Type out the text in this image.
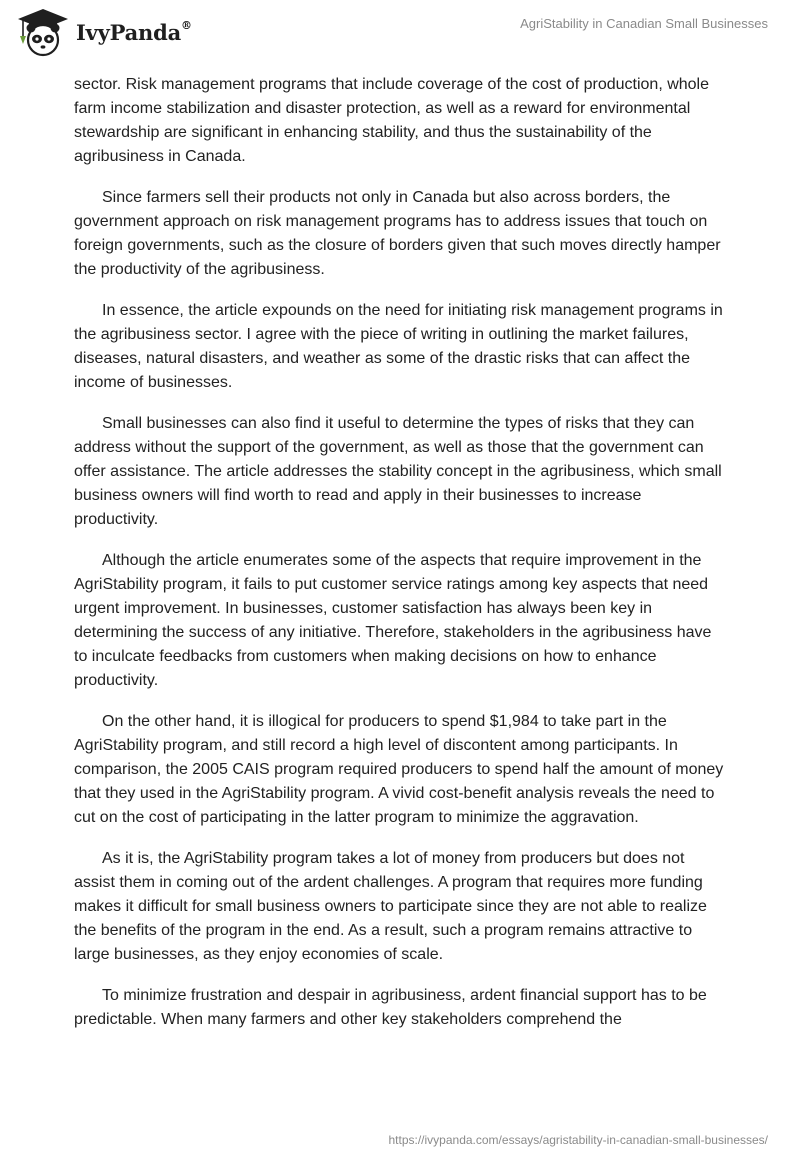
IvyPanda®	AgriStability in Canadian Small Businesses

sector. Risk management programs that include coverage of the cost of production, whole farm income stabilization and disaster protection, as well as a reward for environmental stewardship are significant in enhancing stability, and thus the sustainability of the agribusiness in Canada.

Since farmers sell their products not only in Canada but also across borders, the government approach on risk management programs has to address issues that touch on foreign governments, such as the closure of borders given that such moves directly hamper the productivity of the agribusiness.

In essence, the article expounds on the need for initiating risk management programs in the agribusiness sector. I agree with the piece of writing in outlining the market failures, diseases, natural disasters, and weather as some of the drastic risks that can affect the income of businesses.

Small businesses can also find it useful to determine the types of risks that they can address without the support of the government, as well as those that the government can offer assistance. The article addresses the stability concept in the agribusiness, which small business owners will find worth to read and apply in their businesses to increase productivity.

Although the article enumerates some of the aspects that require improvement in the AgriStability program, it fails to put customer service ratings among key aspects that need urgent improvement. In businesses, customer satisfaction has always been key in determining the success of any initiative. Therefore, stakeholders in the agribusiness have to inculcate feedbacks from customers when making decisions on how to enhance productivity.

On the other hand, it is illogical for producers to spend $1,984 to take part in the AgriStability program, and still record a high level of discontent among participants. In comparison, the 2005 CAIS program required producers to spend half the amount of money that they used in the AgriStability program. A vivid cost-benefit analysis reveals the need to cut on the cost of participating in the latter program to minimize the aggravation.

As it is, the AgriStability program takes a lot of money from producers but does not assist them in coming out of the ardent challenges. A program that requires more funding makes it difficult for small business owners to participate since they are not able to realize the benefits of the program in the end. As a result, such a program remains attractive to large businesses, as they enjoy economies of scale.

To minimize frustration and despair in agribusiness, ardent financial support has to be predictable. When many farmers and other key stakeholders comprehend the

https://ivypanda.com/essays/agristability-in-canadian-small-businesses/
